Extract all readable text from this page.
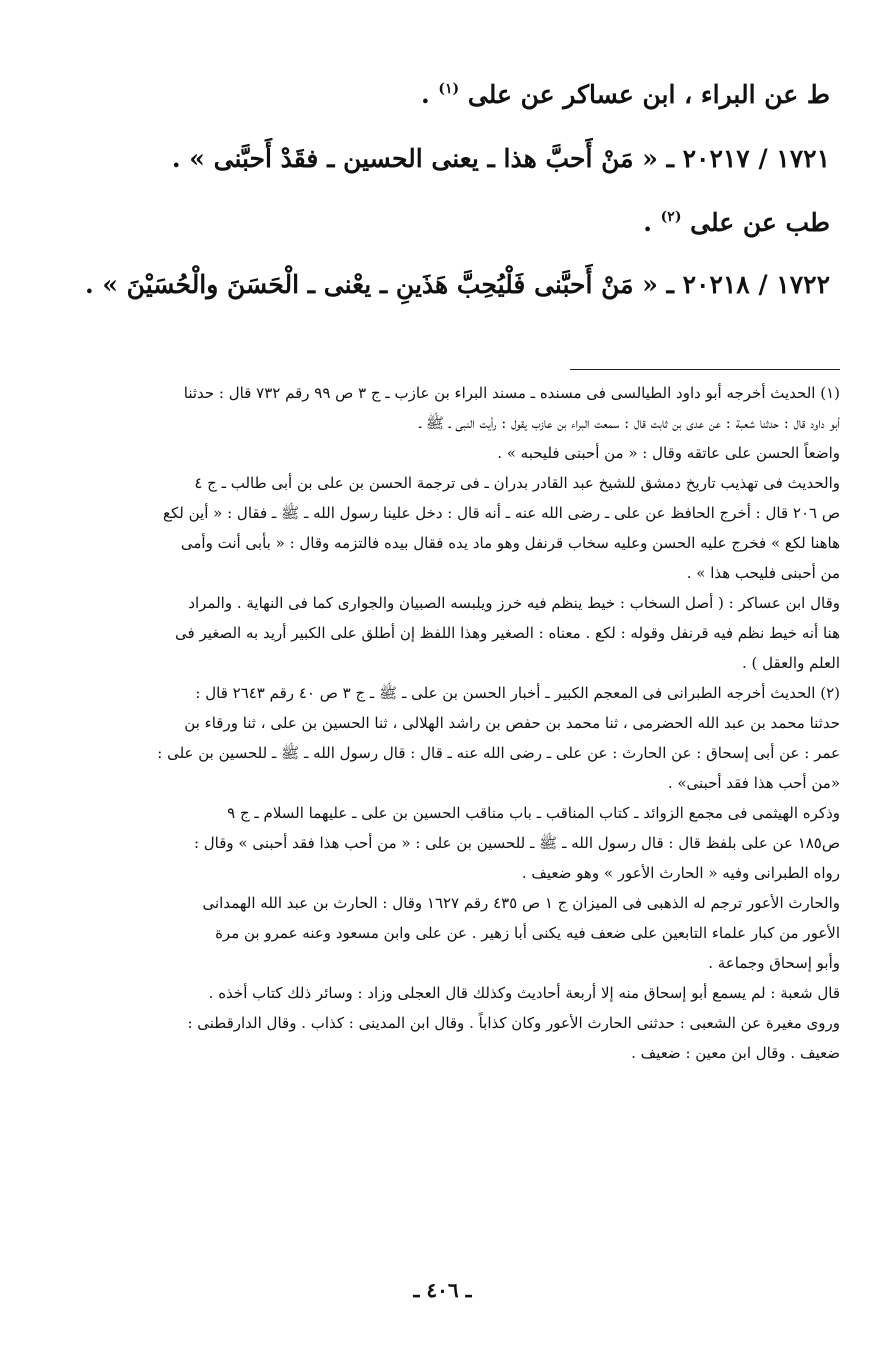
ط عن البراء ، ابن عساكر عن على $^{(١)}$ .

١٧٢١ / ٢٠٢١٧ ـ « مَنْ أَحبَّ هذا ـ يعنى الحسين ـ فقَدْ أَحبَّنى » .

طب عن على $^{(٢)}$ .

١٧٢٢ / ٢٠٢١٨ ـ « مَنْ أَحبَّنى فَلْيُحِبَّ هَذَينِ ـ يعْنى ـ الْحَسَنَ والْحُسَيْنَ » .

(١) الحديث أخرجه أبو داود الطيالسى فى مسنده ـ مسند البراء بن عازب ـ ج ٣ ص ٩٩ رقم ٧٣٢ قال : حدثنا

أبو داود قال : حدثنا شعبة : عن عدى بن ثابت قال : سمعت البراء بن عازب يقول : رأيت النبى ـ ﷺ ـ

واضعاً الحسن على عاتقه وقال : « من أحبنى فليحبه » .

والحديث فى تهذيب تاريخ دمشق للشيخ عبد القادر بدران ـ فى ترجمة الحسن بن على بن أبى طالب ـ ج ٤

ص ٢٠٦ قال : أخرج الحافظ عن على ـ رضى الله عنه ـ أنه قال : دخل علينا رسول الله ـ ﷺ ـ فقال : « أين لكع

هاهنا لكع » فخرج عليه الحسن وعليه سخاب قرنفل وهو ماد يده فقال بيده فالتزمه وقال : « بأبى أنت وأمى

من أحبنى فليحب هذا » .

وقال ابن عساكر : ( أصل السخاب : خيط ينظم فيه خرز ويلبسه الصبيان والجوارى كما فى النهاية . والمراد

هنا أنه خيط نظم فيه قرنفل وقوله : لكع . معناه : الصغير وهذا اللفظ إن أطلق على الكبير أريد به الصغير فى

العلم والعقل ) .

(٢) الحديث أخرجه الطبرانى فى المعجم الكبير ـ أخبار الحسن بن على ـ ﷺ ـ ج ٣ ص ٤٠ رقم ٢٦٤٣ قال :

حدثنا محمد بن عبد الله الحضرمى ، ثنا محمد بن حفص بن راشد الهلالى ، ثنا الحسين بن على ، ثنا ورقاء بن

عمر : عن أبى إسحاق : عن الحارث : عن على ـ رضى الله عنه ـ قال : قال رسول الله ـ ﷺ ـ للحسين بن على :

«من أحب هذا فقد أحبنى» .

وذكره الهيثمى فى مجمع الزوائد ـ كتاب المناقب ـ باب مناقب الحسين بن على ـ عليهما السلام ـ ج ٩

ص١٨٥ عن على بلفظ قال : قال رسول الله ـ ﷺ ـ للحسين بن على : « من أحب هذا فقد أحبنى » وقال :

رواه الطبرانى وفيه « الحارث الأعور » وهو ضعيف .

والحارث الأعور ترجم له الذهبى فى الميزان ج ١ ص ٤٣٥ رقم ١٦٢٧ وقال : الحارث بن عبد الله الهمدانى

الأعور من كبار علماء التابعين على ضعف فيه يكنى أبا زهير . عن على وابن مسعود وعنه عمرو بن مرة

وأبو إسحاق وجماعة .

قال شعبة : لم يسمع أبو إسحاق منه إلا أربعة أحاديث وكذلك قال العجلى وزاد : وسائر ذلك كتاب أخذه .

وروى مغيرة عن الشعبى : حدثنى الحارث الأعور وكان كذاباً . وقال ابن المدينى : كذاب . وقال الدارقطنى :

ضعيف . وقال ابن معين : ضعيف .

ـ ٤٠٦ ـ
